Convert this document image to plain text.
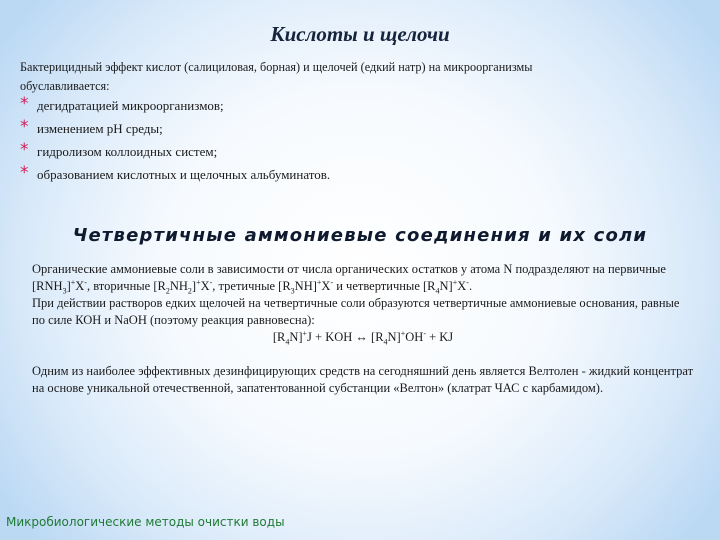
Кислоты и щелочи
Бактерицидный эффект кислот (салициловая, борная) и щелочей (едкий натр) на микроорганизмы обуславливается:
* дегидратацией микроорганизмов;
* изменением рН среды;
* гидролизом коллоидных систем;
* образованием кислотных и щелочных альбуминатов.

Органические аммониевые соли в зависимости от числа органических остатков у атома N подразделяют на первичные $[RNH_3]^+X^-$, вторичные $[R_2NH_2]^+X^-$, третичные $[R_3NH]^+X^-$ и четвертичные $[R_4N]^+X^-$.

При действии растворов едких щелочей на четвертичные соли образуются четвертичные аммониевые основания, равные по силе КОН и NaOH (поэтому реакция равновесна):

$[R_4N]^+J$ + KOH ↔ $[R_4N]^+OH^-$ + KJ

Одним из наиболее эффективных дезинфицирующих средств на сегодняшний день является Велтолен - жидкий концентрат на основе уникальной отечественной, запатентованной субстанции «Велтон» (клатрат ЧАС с карбамидом).

Четвертичные аммониевые соединения и их соли
Микробиологические методы очистки воды
